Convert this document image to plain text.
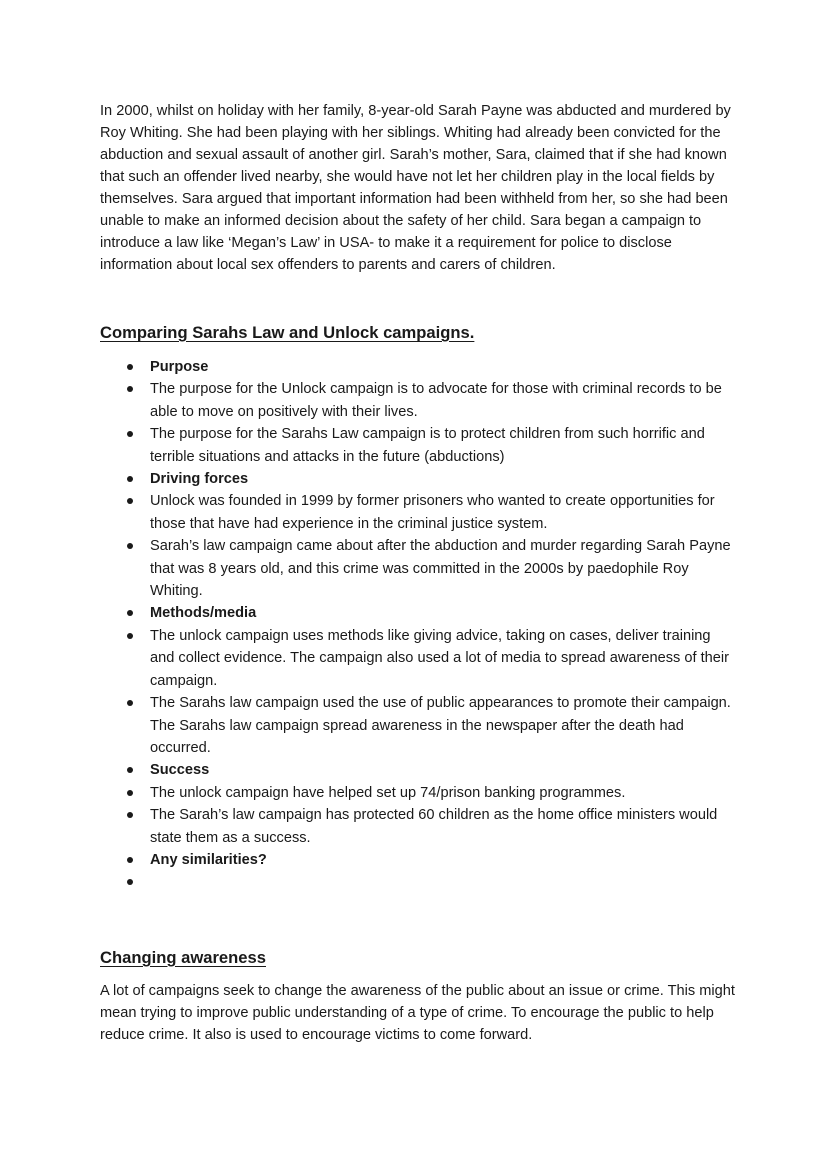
In 2000, whilst on holiday with her family, 8-year-old Sarah Payne was abducted and murdered by Roy Whiting. She had been playing with her siblings. Whiting had already been convicted for the abduction and sexual assault of another girl. Sarah’s mother, Sara, claimed that if she had known that such an offender lived nearby, she would have not let her children play in the local fields by themselves. Sara argued that important information had been withheld from her, so she had been unable to make an informed decision about the safety of her child. Sara began a campaign to introduce a law like ‘Megan’s Law’ in USA- to make it a requirement for police to disclose information about local sex offenders to parents and carers of children.

Comparing Sarahs Law and Unlock campaigns.
Purpose
The purpose for the Unlock campaign is to advocate for those with criminal records to be able to move on positively with their lives.
The purpose for the Sarahs Law campaign is to protect children from such horrific and terrible situations and attacks in the future (abductions)
Driving forces
Unlock was founded in 1999 by former prisoners who wanted to create opportunities for those that have had experience in the criminal justice system.
Sarah’s law campaign came about after the abduction and murder regarding Sarah Payne that was 8 years old, and this crime was committed in the 2000s by paedophile Roy Whiting.
Methods/media
The unlock campaign uses methods like giving advice, taking on cases, deliver training and collect evidence. The campaign also used a lot of media to spread awareness of their campaign.
The Sarahs law campaign used the use of public appearances to promote their campaign. The Sarahs law campaign spread awareness in the newspaper after the death had occurred.
Success
The unlock campaign have helped set up 74/prison banking programmes.
The Sarah’s law campaign has protected 60 children as the home office ministers would state them as a success.
Any similarities?
Changing awareness

A lot of campaigns seek to change the awareness of the public about an issue or crime. This might mean trying to improve public understanding of a type of crime. To encourage the public to help reduce crime. It also is used to encourage victims to come forward.
